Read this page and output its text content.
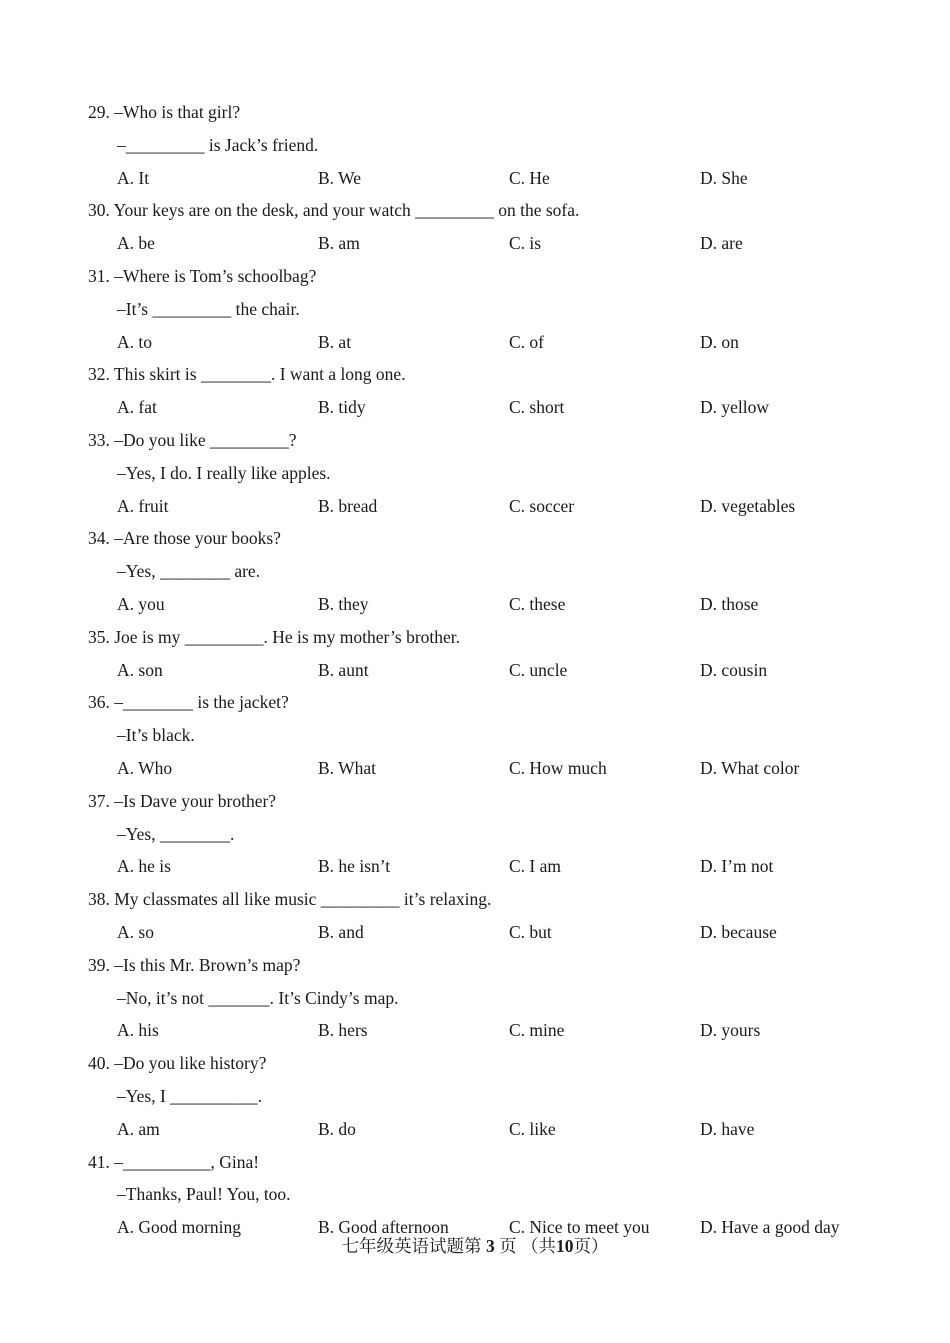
29. –Who is that girl?
–_________ is Jack’s friend.
A. It	B. We	C. He	D. She
30. Your keys are on the desk, and your watch _________ on the sofa.
A. be	B. am	C. is	D. are
31. –Where is Tom’s schoolbag?
–It’s _________ the chair.
A. to	B. at	C. of	D. on
32. This skirt is ________. I want a long one.
A. fat	B. tidy	C. short	D. yellow
33. –Do you like _________?
–Yes, I do. I really like apples.
A. fruit	B. bread	C. soccer	D. vegetables
34. –Are those your books?
–Yes, ________ are.
A. you	B. they	C. these	D. those
35. Joe is my _________. He is my mother’s brother.
A. son	B. aunt	C. uncle	D. cousin
36. –________ is the jacket?
–It’s black.
A. Who	B. What	C. How much	D. What color
37. –Is Dave your brother?
–Yes, ________.
A. he is	B. he isn’t	C. I am	D. I’m not
38. My classmates all like music _________ it’s relaxing.
A. so	B. and	C. but	D. because
39. –Is this Mr. Brown’s map?
–No, it’s not _______. It’s Cindy’s map.
A. his	B. hers	C. mine	D. yours
40. –Do you like history?
–Yes, I __________.
A. am	B. do	C. like	D. have
41. –__________, Gina!
–Thanks, Paul! You, too.
A. Good morning	B. Good afternoon	C. Nice to meet you	D. Have a good day
七年级英语试题第 3 页 （共10页）
